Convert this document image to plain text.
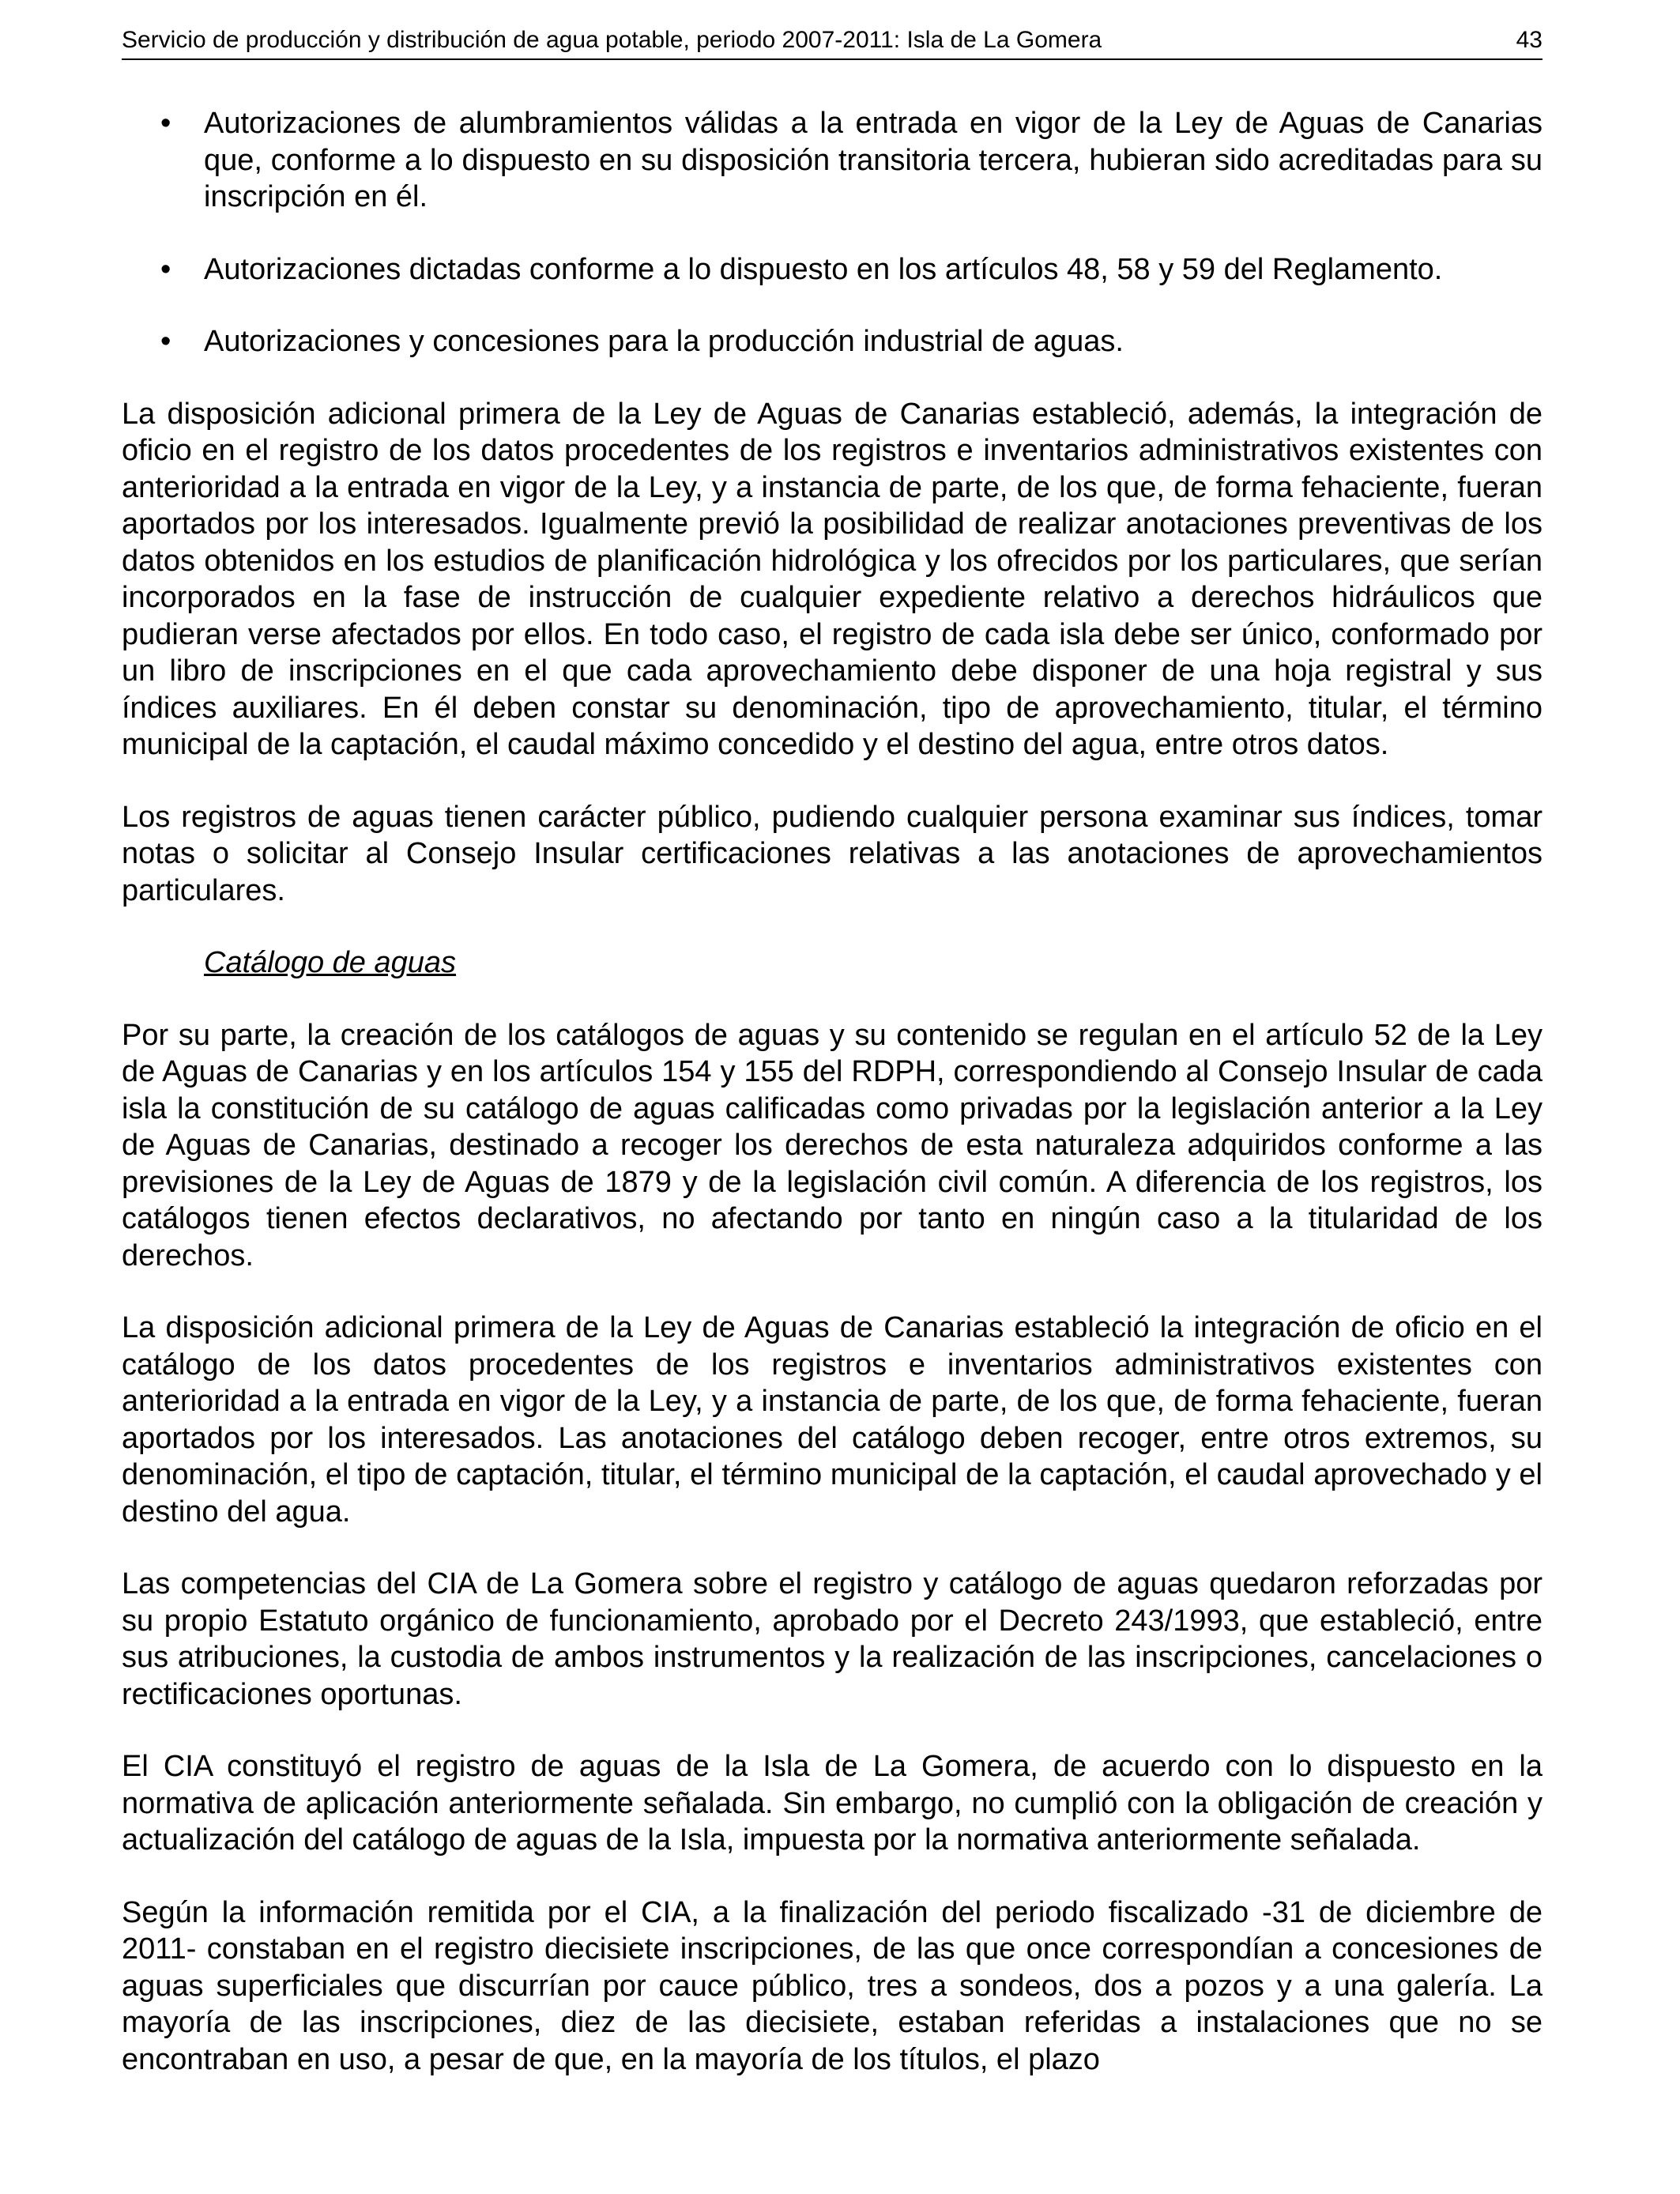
Servicio de producción y distribución de agua potable, periodo 2007-2011: Isla de La Gomera	43
• Autorizaciones de alumbramientos válidas a la entrada en vigor de la Ley de Aguas de Canarias que, conforme a lo dispuesto en su disposición transitoria tercera, hubieran sido acreditadas para su inscripción en él.
• Autorizaciones dictadas conforme a lo dispuesto en los artículos 48, 58 y 59 del Reglamento.
• Autorizaciones y concesiones para la producción industrial de aguas.

La disposición adicional primera de la Ley de Aguas de Canarias estableció, además, la integración de oficio en el registro de los datos procedentes de los registros e inventarios administrativos existentes con anterioridad a la entrada en vigor de la Ley, y a instancia de parte, de los que, de forma fehaciente, fueran aportados por los interesados. Igualmente previó la posibilidad de realizar anotaciones preventivas de los datos obtenidos en los estudios de planificación hidrológica y los ofrecidos por los particulares, que serían incorporados en la fase de instrucción de cualquier expediente relativo a derechos hidráulicos que pudieran verse afectados por ellos. En todo caso, el registro de cada isla debe ser único, conformado por un libro de inscripciones en el que cada aprovechamiento debe disponer de una hoja registral y sus índices auxiliares. En él deben constar su denominación, tipo de aprovechamiento, titular, el término municipal de la captación, el caudal máximo concedido y el destino del agua, entre otros datos.

Los registros de aguas tienen carácter público, pudiendo cualquier persona examinar sus índices, tomar notas o solicitar al Consejo Insular certificaciones relativas a las anotaciones de aprovechamientos particulares.

Catálogo de aguas

Por su parte, la creación de los catálogos de aguas y su contenido se regulan en el artículo 52 de la Ley de Aguas de Canarias y en los artículos 154 y 155 del RDPH, correspondiendo al Consejo Insular de cada isla la constitución de su catálogo de aguas calificadas como privadas por la legislación anterior a la Ley de Aguas de Canarias, destinado a recoger los derechos de esta naturaleza adquiridos conforme a las previsiones de la Ley de Aguas de 1879 y de la legislación civil común. A diferencia de los registros, los catálogos tienen efectos declarativos, no afectando por tanto en ningún caso a la titularidad de los derechos.

La disposición adicional primera de la Ley de Aguas de Canarias estableció la integración de oficio en el catálogo de los datos procedentes de los registros e inventarios administrativos existentes con anterioridad a la entrada en vigor de la Ley, y a instancia de parte, de los que, de forma fehaciente, fueran aportados por los interesados. Las anotaciones del catálogo deben recoger, entre otros extremos, su denominación, el tipo de captación, titular, el término municipal de la captación, el caudal aprovechado y el destino del agua.

Las competencias del CIA de La Gomera sobre el registro y catálogo de aguas quedaron reforzadas por su propio Estatuto orgánico de funcionamiento, aprobado por el Decreto 243/1993, que estableció, entre sus atribuciones, la custodia de ambos instrumentos y la realización de las inscripciones, cancelaciones o rectificaciones oportunas.

El CIA constituyó el registro de aguas de la Isla de La Gomera, de acuerdo con lo dispuesto en la normativa de aplicación anteriormente señalada. Sin embargo, no cumplió con la obligación de creación y actualización del catálogo de aguas de la Isla, impuesta por la normativa anteriormente señalada.

Según la información remitida por el CIA, a la finalización del periodo fiscalizado -31 de diciembre de 2011- constaban en el registro diecisiete inscripciones, de las que once correspondían a concesiones de aguas superficiales que discurrían por cauce público, tres a sondeos, dos a pozos y a una galería. La mayoría de las inscripciones, diez de las diecisiete, estaban referidas a instalaciones que no se encontraban en uso, a pesar de que, en la mayoría de los títulos, el plazo
